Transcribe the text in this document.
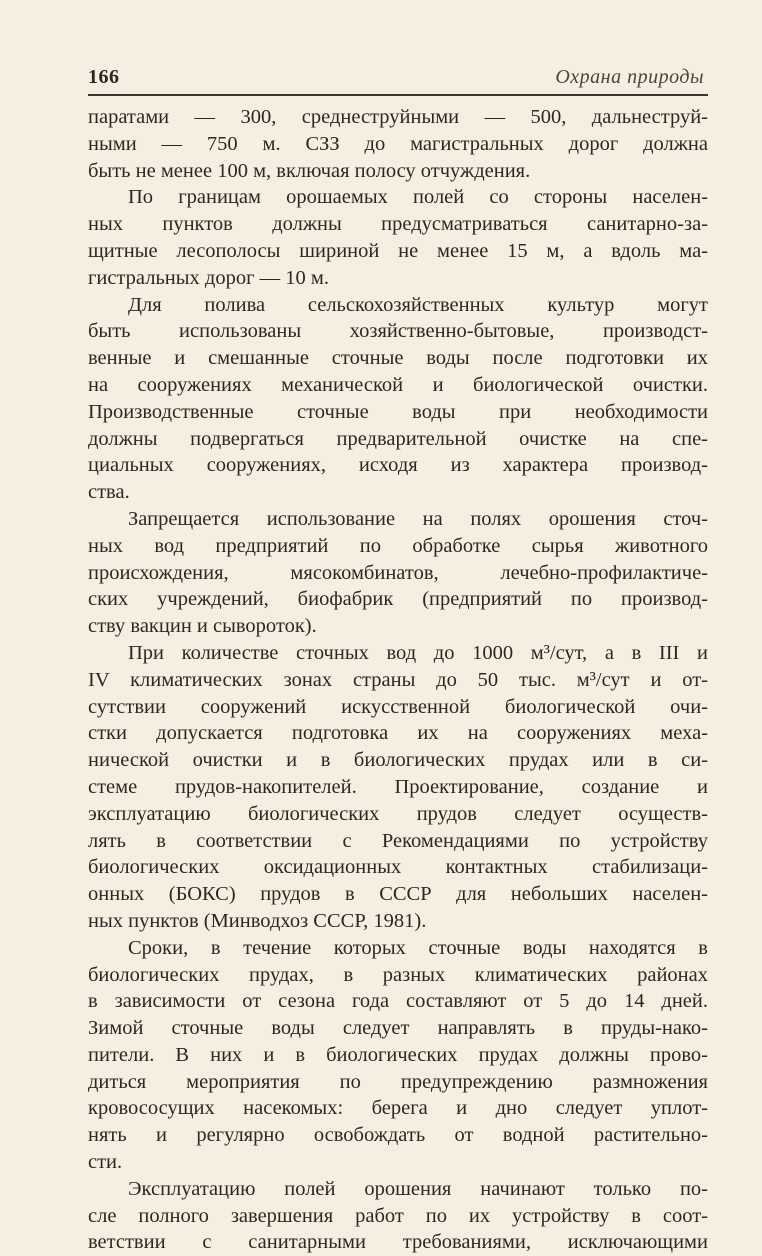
166	Охрана природы
паратами — 300, среднеструйными — 500, дальнеструй-
ными — 750 м. СЗЗ до магистральных дорог должна
быть не менее 100 м, включая полосу отчуждения.
По границам орошаемых полей со стороны населен-
ных пунктов должны предусматриваться санитарно-за-
щитные лесополосы шириной не менее 15 м, а вдоль ма-
гистральных дорог — 10 м.
Для полива сельскохозяйственных культур могут
быть использованы хозяйственно-бытовые, производст-
венные и смешанные сточные воды после подготовки их
на сооружениях механической и биологической очистки.
Производственные сточные воды при необходимости
должны подвергаться предварительной очистке на спе-
циальных сооружениях, исходя из характера производ-
ства.
Запрещается использование на полях орошения сточ-
ных вод предприятий по обработке сырья животного
происхождения, мясокомбинатов, лечебно-профилактиче-
ских учреждений, биофабрик (предприятий по производ-
ству вакцин и сывороток).
При количестве сточных вод до 1000 м³/сут, а в III и
IV климатических зонах страны до 50 тыс. м³/сут и от-
сутствии сооружений искусственной биологической очи-
стки допускается подготовка их на сооружениях меха-
нической очистки и в биологических прудах или в си-
стеме прудов-накопителей. Проектирование, создание и
эксплуатацию биологических прудов следует осуществ-
лять в соответствии с Рекомендациями по устройству
биологических оксидационных контактных стабилизаци-
онных (БОКС) прудов в СССР для небольших населен-
ных пунктов (Минводхоз СССР, 1981).
Сроки, в течение которых сточные воды находятся в
биологических прудах, в разных климатических районах
в зависимости от сезона года составляют от 5 до 14 дней.
Зимой сточные воды следует направлять в пруды-нако-
пители. В них и в биологических прудах должны прово-
диться мероприятия по предупреждению размножения
кровососущих насекомых: берега и дно следует уплот-
нять и регулярно освобождать от водной растительно-
сти.
Эксплуатацию полей орошения начинают только по-
сле полного завершения работ по их устройству в соот-
ветствии с санитарными требованиями, исключающими
